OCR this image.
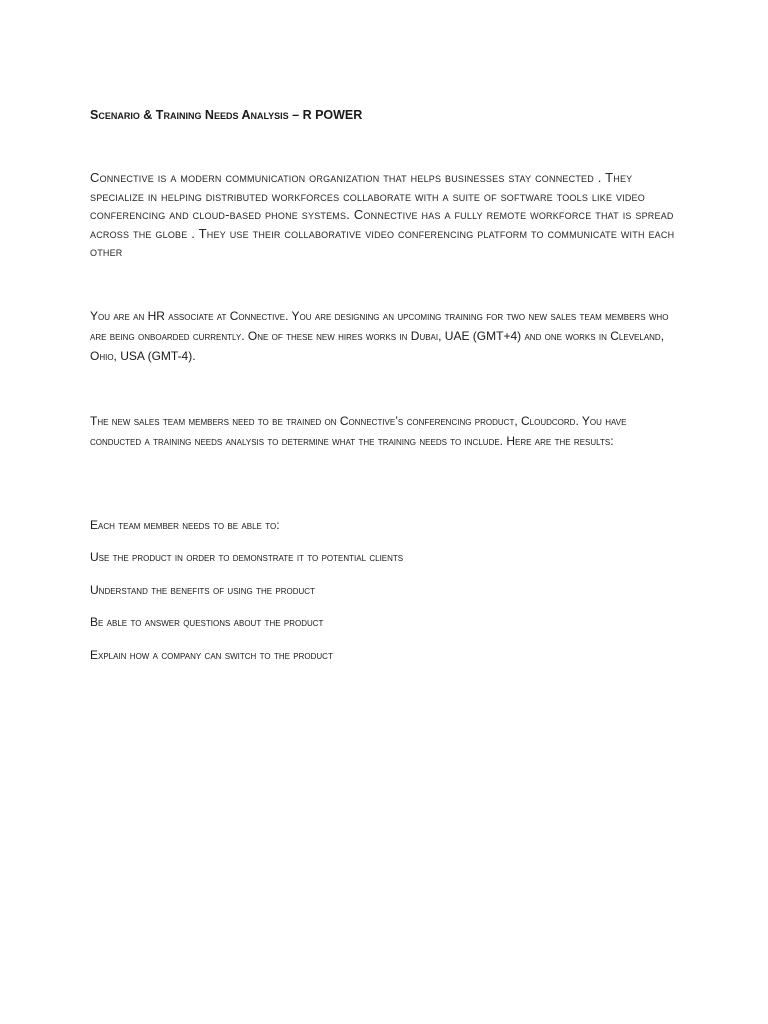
Scenario & Training Needs Analysis – R POWER

Connective is a modern communication organization that helps businesses stay connected . They specialize in helping distributed workforces collaborate with a suite of software tools like video conferencing and cloud-based phone systems. Connective has a fully remote workforce that is spread across the globe . They use their collaborative video conferencing platform to communicate with each other

You are an HR associate at Connective. You are designing an upcoming training for two new sales team members who are being onboarded currently. One of these new hires works in Dubai, UAE (GMT+4) and one works in Cleveland, Ohio, USA (GMT-4).

The new sales team members need to be trained on Connective’s conferencing product, Cloudcord. You have conducted a training needs analysis to determine what the training needs to include. Here are the results:

Each team member needs to be able to:

Use the product in order to demonstrate it to potential clients

Understand the benefits of using the product

Be able to answer questions about the product

Explain how a company can switch to the product
